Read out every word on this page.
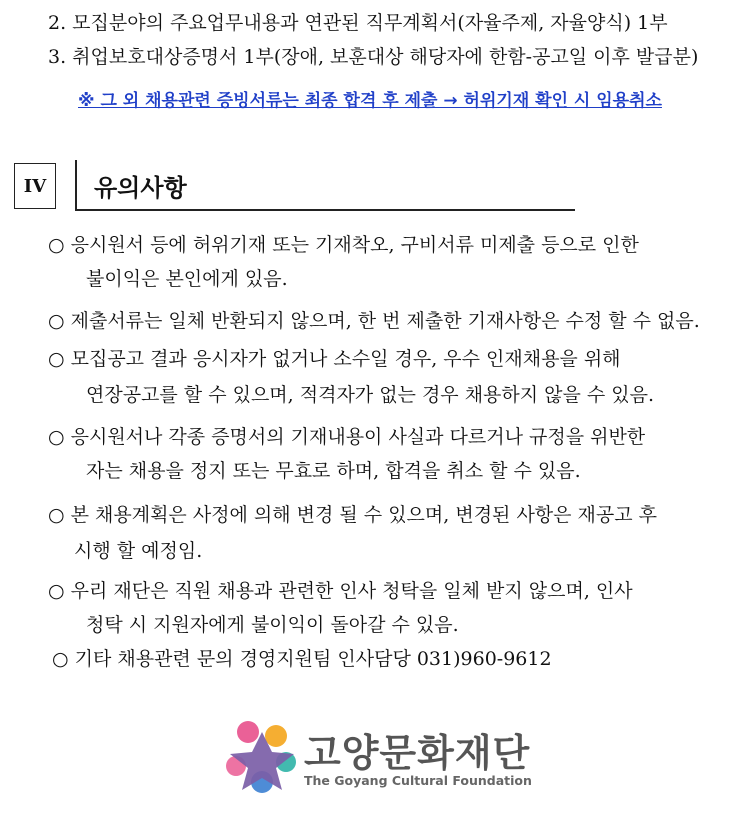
2. 모집분야의 주요업무내용과 연관된 직무계획서(자율주제, 자율양식) 1부
3. 취업보호대상증명서 1부(장애, 보훈대상 해당자에 한함-공고일 이후 발급분)
※ 그 외 채용관련 증빙서류는 최종 합격 후 제출 → 허위기재 확인 시 임용취소
IV	유의사항
○ 응시원서 등에 허위기재 또는 기재착오, 구비서류 미제출 등으로 인한
불이익은 본인에게 있음.
○ 제출서류는 일체 반환되지 않으며, 한 번 제출한 기재사항은 수정 할 수 없음.
○ 모집공고 결과 응시자가 없거나 소수일 경우, 우수 인재채용을 위해
연장공고를 할 수 있으며, 적격자가 없는 경우 채용하지 않을 수 있음.
○ 응시원서나 각종 증명서의 기재내용이 사실과 다르거나 규정을 위반한
자는 채용을 정지 또는 무효로 하며, 합격을 취소 할 수 있음.
○ 본 채용계획은 사정에 의해 변경 될 수 있으며, 변경된 사항은 재공고 후
시행 할 예정임.
○ 우리 재단은 직원 채용과 관련한 인사 청탁을 일체 받지 않으며, 인사
청탁 시 지원자에게 불이익이 돌아갈 수 있음.
○ 기타 채용관련 문의 경영지원팀 인사담당 031)960-9612
고양문화재단
The Goyang Cultural Foundation
